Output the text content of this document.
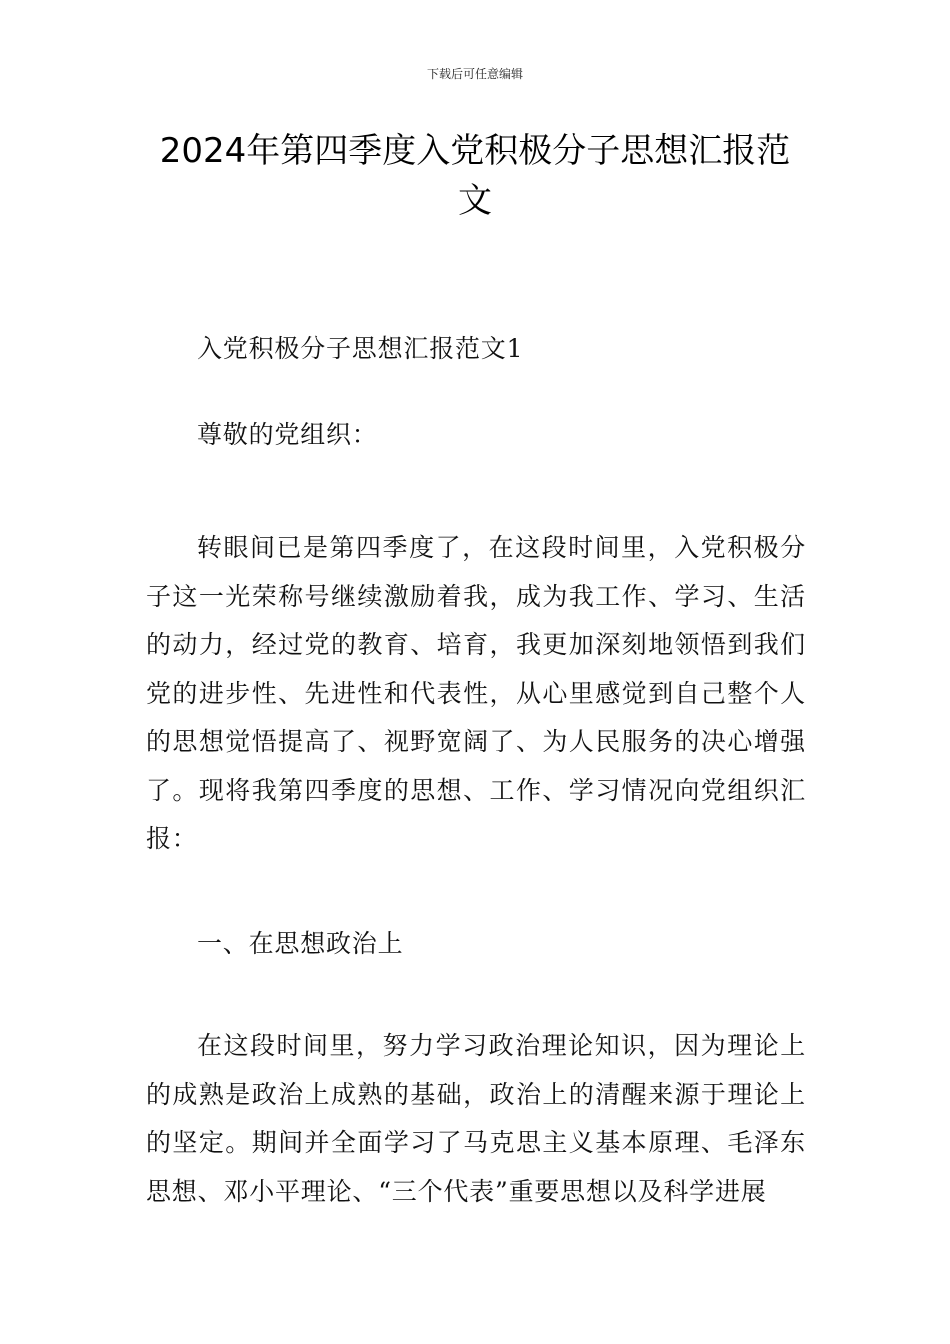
下载后可任意编辑
2024年第四季度入党积极分子思想汇报范文

入党积极分子思想汇报范文1

尊敬的党组织：

转眼间已是第四季度了，在这段时间里，入党积极分子这一光荣称号继续激励着我，成为我工作、学习、生活的动力，经过党的教育、培育，我更加深刻地领悟到我们党的进步性、先进性和代表性，从心里感觉到自己整个人的思想觉悟提高了、视野宽阔了、为人民服务的决心增强了。现将我第四季度的思想、工作、学习情况向党组织汇报：

一、在思想政治上

在这段时间里，努力学习政治理论知识，因为理论上的成熟是政治上成熟的基础，政治上的清醒来源于理论上的坚定。期间并全面学习了马克思主义基本原理、毛泽东思想、邓小平理论、“三个代表”重要思想以及科学进展
